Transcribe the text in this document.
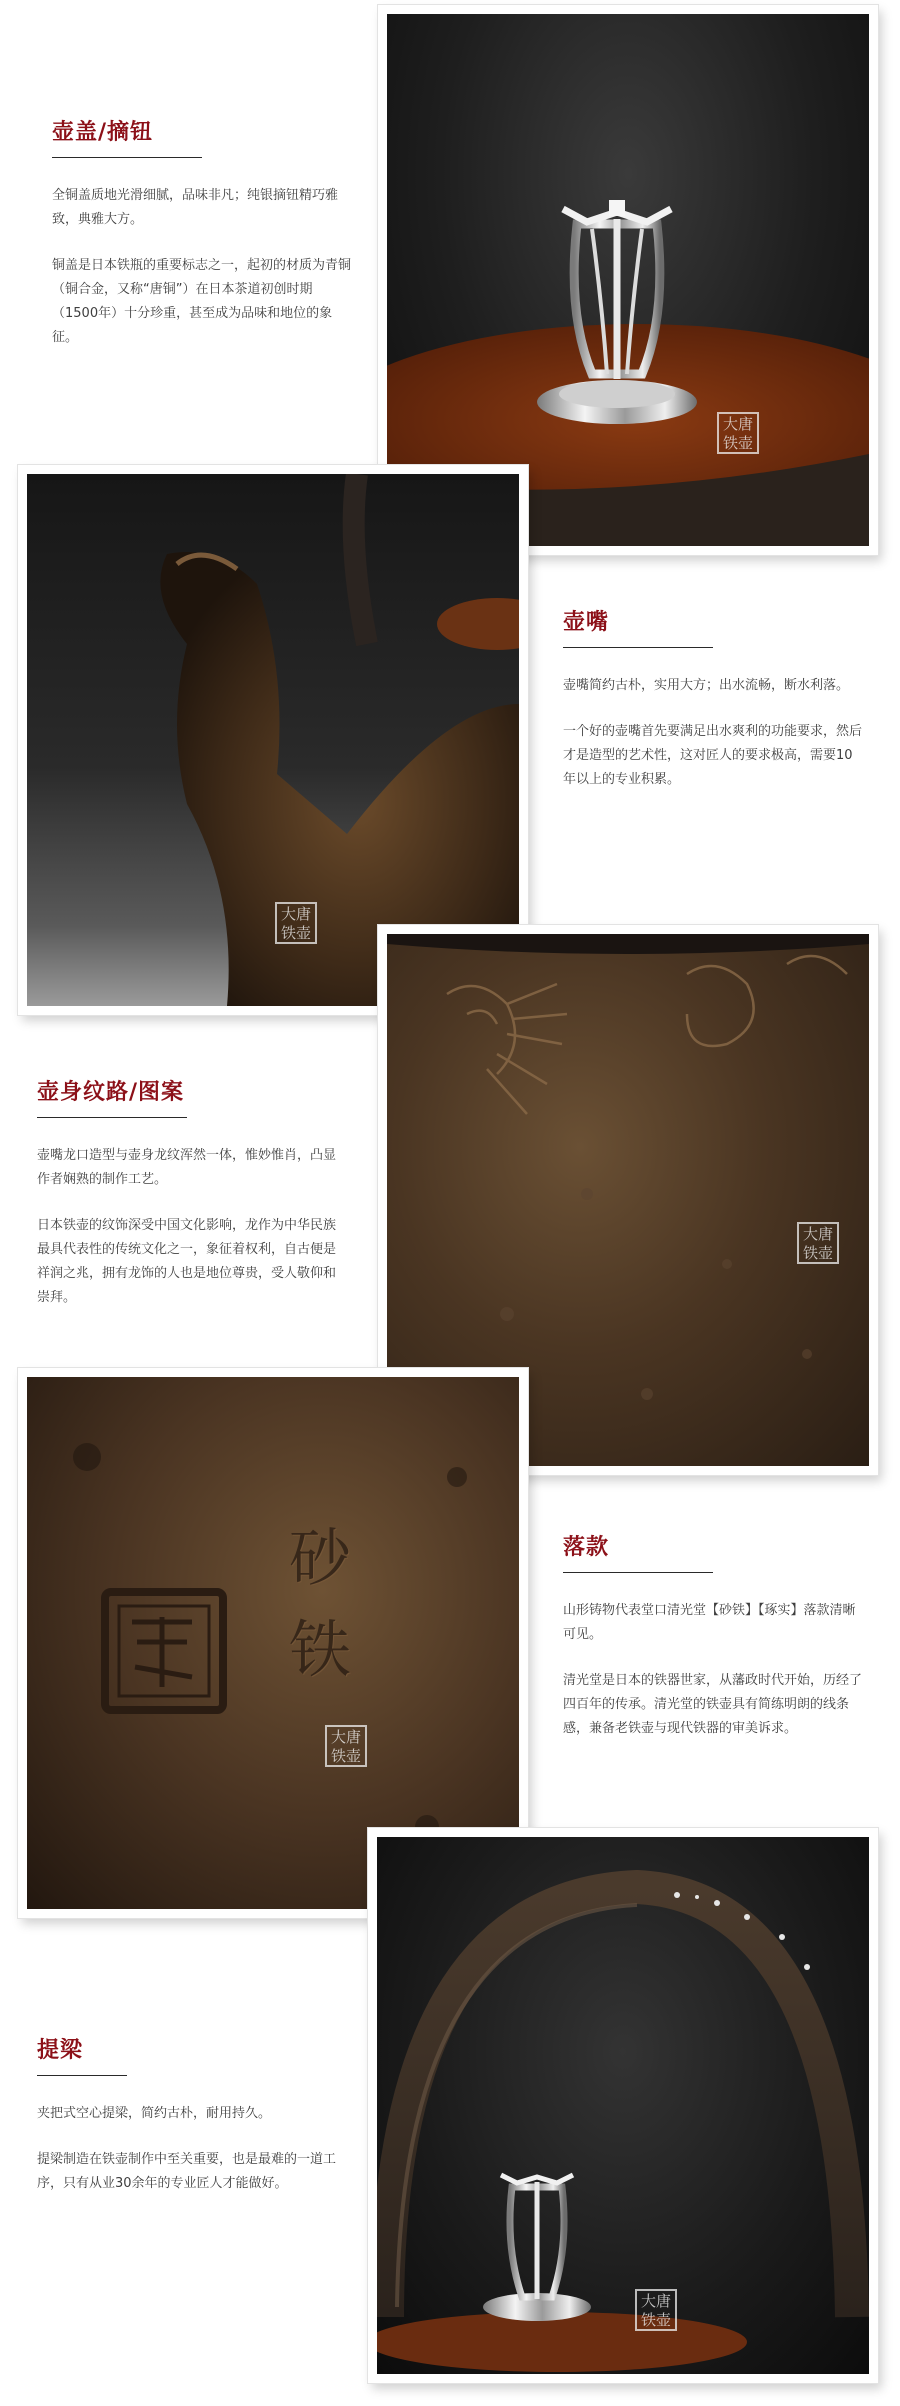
壶盖/摘钮

全铜盖质地光滑细腻，品味非凡；纯银摘钮精巧雅致，典雅大方。

铜盖是日本铁瓶的重要标志之一，起初的材质为青铜（铜合金，又称“唐铜”）在日本茶道初创时期（1500年）十分珍重，甚至成为品味和地位的象征。

大唐
铁壶
大唐
铁壶
壶嘴

壶嘴简约古朴，实用大方；出水流畅，断水利落。

一个好的壶嘴首先要满足出水爽利的功能要求，然后才是造型的艺术性，这对匠人的要求极高，需要10年以上的专业积累。

壶身纹路/图案

壶嘴龙口造型与壶身龙纹浑然一体，惟妙惟肖，凸显作者娴熟的制作工艺。

日本铁壶的纹饰深受中国文化影响，龙作为中华民族最具代表性的传统文化之一，象征着权利，自古便是祥润之兆，拥有龙饰的人也是地位尊贵，受人敬仰和崇拜。

大唐
铁壶
砂铁
大唐
铁壶
落款

山形铸物代表堂口清光堂【砂铁】【琢实】落款清晰可见。

清光堂是日本的铁器世家，从藩政时代开始，历经了四百年的传承。清光堂的铁壶具有简练明朗的线条感，兼备老铁壶与现代铁器的审美诉求。

提梁

夹把式空心提梁，简约古朴，耐用持久。

提梁制造在铁壶制作中至关重要，也是最难的一道工序，只有从业30余年的专业匠人才能做好。

大唐
铁壶
